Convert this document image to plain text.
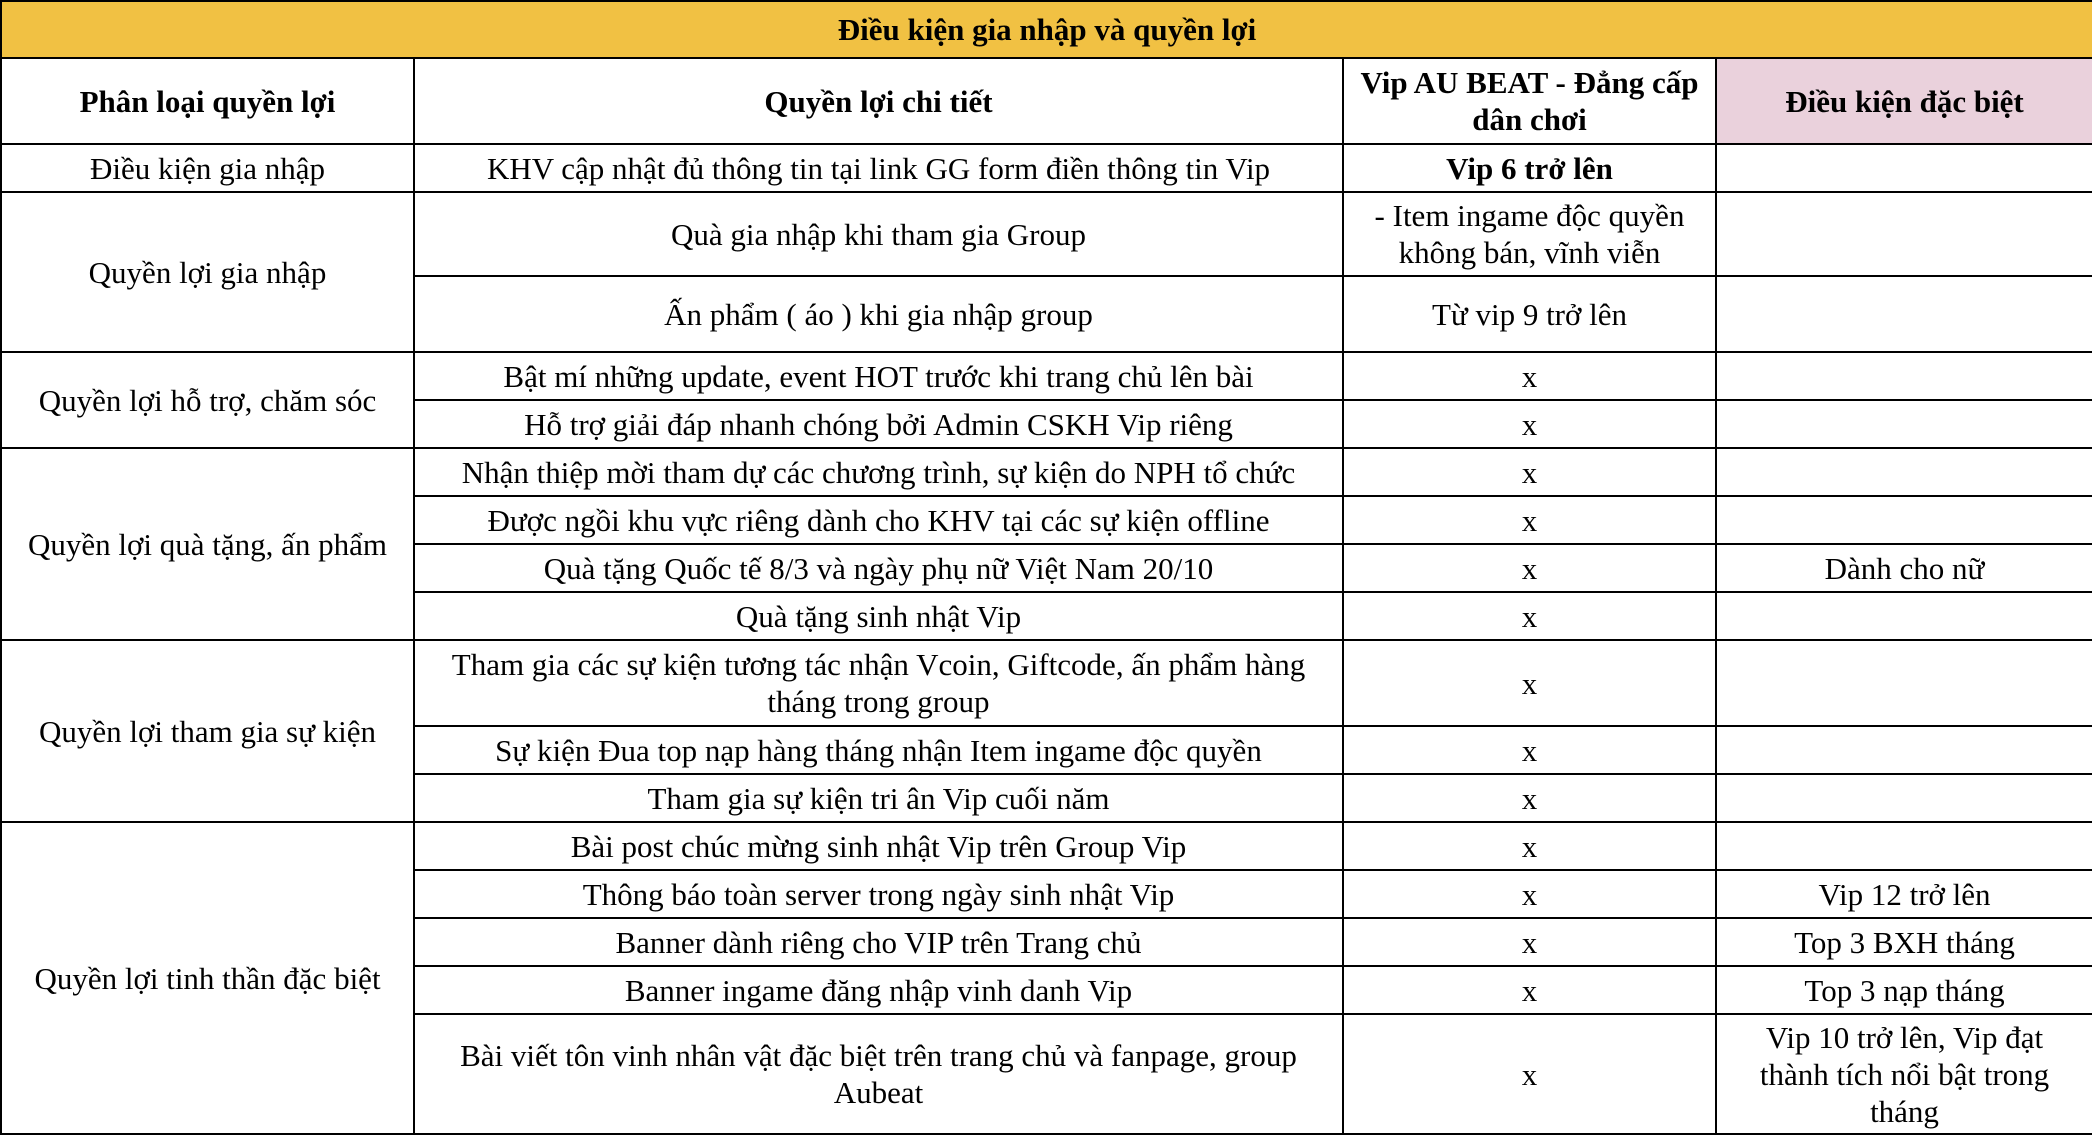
Điều kiện gia nhập và quyền lợi			
Phân loại quyền lợi	Quyền lợi chi tiết	Vip AU BEAT - Đẳng cấp dân chơi	Điều kiện đặc biệt
Điều kiện gia nhập	KHV cập nhật đủ thông tin tại link GG form điền thông tin Vip	Vip 6 trở lên	
Quyền lợi gia nhập	Quà gia nhập khi tham gia Group	- Item ingame độc quyền không bán, vĩnh viễn	
	Ấn phẩm ( áo ) khi gia nhập group	Từ vip 9 trở lên	
Quyền lợi hỗ trợ, chăm sóc	Bật mí những update, event HOT trước khi trang chủ lên bài	x	
	Hỗ trợ giải đáp nhanh chóng bởi Admin CSKH Vip riêng	x	
Quyền lợi quà tặng, ấn phẩm	Nhận thiệp mời tham dự các chương trình, sự kiện do NPH tổ chức	x	
	Được ngồi khu vực riêng dành cho KHV tại các sự kiện offline	x	
	Quà tặng Quốc tế 8/3 và ngày phụ nữ Việt Nam 20/10	x	Dành cho nữ
	Quà tặng sinh nhật Vip	x	
Quyền lợi tham gia sự kiện	Tham gia các sự kiện tương tác nhận Vcoin, Giftcode, ấn phẩm hàng tháng trong group	x	
	Sự kiện Đua top nạp hàng tháng nhận Item ingame độc quyền	x	
	Tham gia sự kiện tri ân Vip cuối năm	x	
Quyền lợi tinh thần đặc biệt	Bài post chúc mừng sinh nhật Vip trên Group Vip	x	
	Thông báo toàn server trong ngày sinh nhật Vip	x	Vip 12 trở lên
	Banner dành riêng cho VIP trên Trang chủ	x	Top 3 BXH tháng
	Banner ingame đăng nhập vinh danh Vip	x	Top 3 nạp tháng
	Bài viết tôn vinh nhân vật đặc biệt trên trang chủ và fanpage, group Aubeat	x	Vip 10 trở lên, Vip đạt thành tích nổi bật trong tháng
